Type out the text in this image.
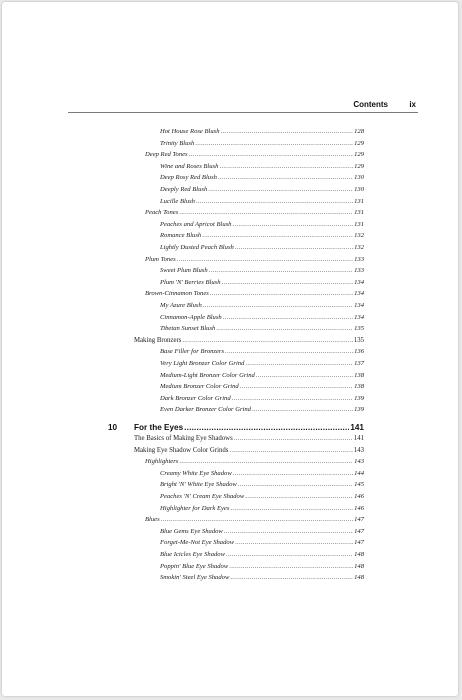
Contents	ix
Hot House Rose Blush .....	128
Trinity Blush .....	129
Deep Red Tones .....	129
Wine and Roses Blush .....	129
Deep Rosy Red Blush .....	130
Deeply Red Blush .....	130
Lucille Blush .....	131
Peach Tones .....	131
Peaches and Apricot Blush .....	131
Romance Blush .....	132
Lightly Dusted Peach Blush .....	132
Plum Tones .....	133
Sweet Plum Blush .....	133
Plum 'N' Berries Blush .....	134
Brown-Cinnamon Tones .....	134
My Azure Blush .....	134
Cinnamon-Apple Blush .....	134
Tibetan Sunset Blush .....	135
Making Bronzers .....	135
Base Filler for Bronzers .....	136
Very Light Bronzer Color Grind .....	137
Medium-Light Bronzer Color Grind .....	138
Medium Bronzer Color Grind .....	138
Dark Bronzer Color Grind .....	139
Even Darker Bronzer Color Grind .....	139
10	For the Eyes .....	141
The Basics of Making Eye Shadows .....	141
Making Eye Shadow Color Grinds .....	143
Highlighters .....	143
Creamy White Eye Shadow .....	144
Bright 'N' White Eye Shadow .....	145
Peaches 'N' Cream Eye Shadow .....	146
Highlighter for Dark Eyes .....	146
Blues .....	147
Blue Gems Eye Shadow .....	147
Forget-Me-Not Eye Shadow .....	147
Blue Icicles Eye Shadow .....	148
Poppin' Blue Eye Shadow .....	148
Smokin' Steel Eye Shadow .....	148
